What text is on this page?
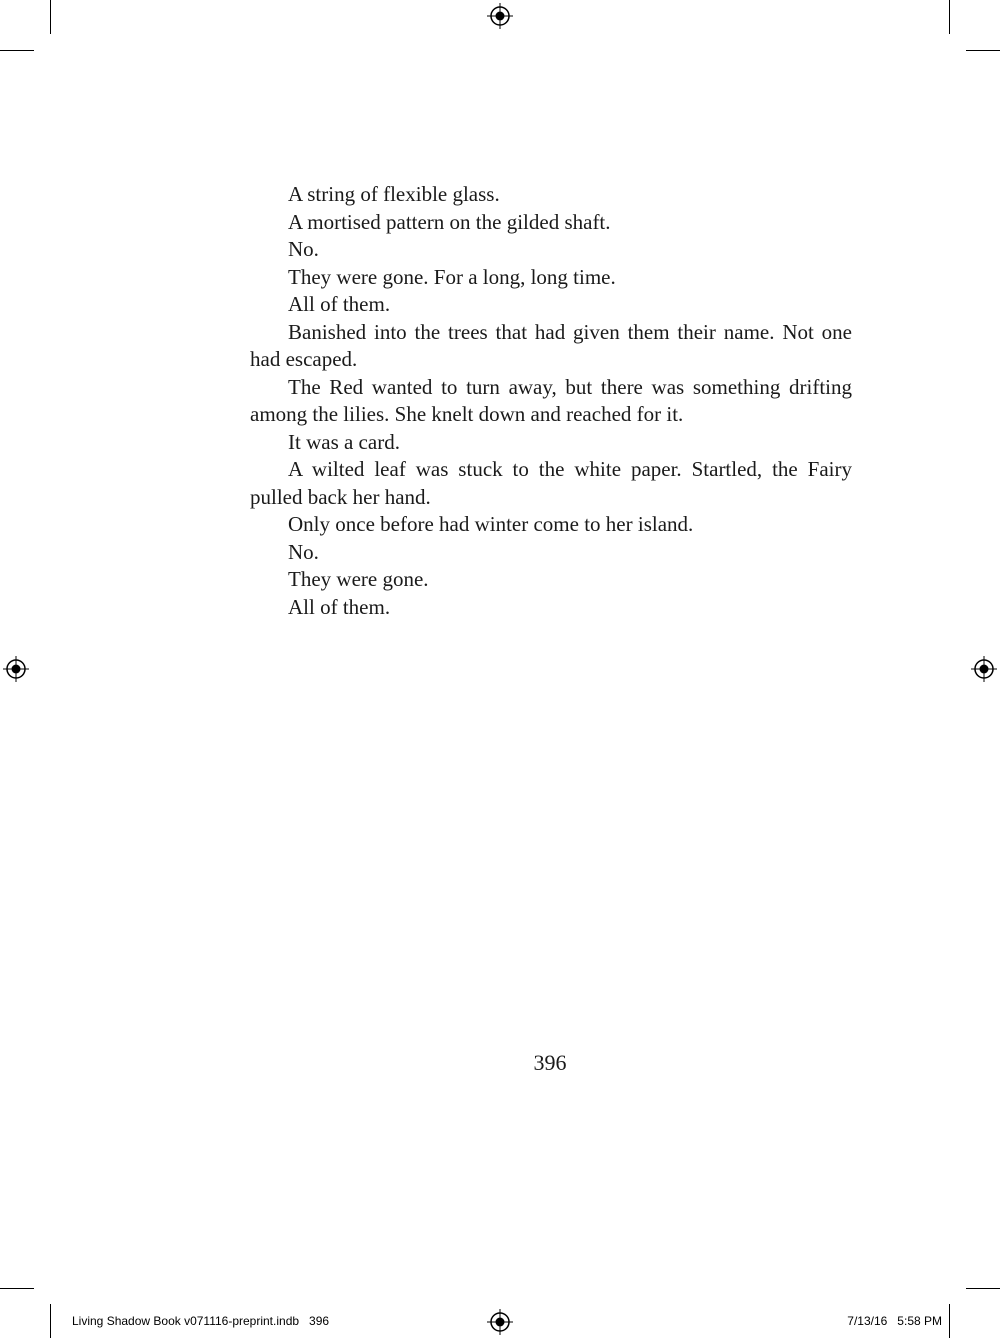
A string of flexible glass.

A mortised pattern on the gilded shaft.

No.

They were gone. For a long, long time.

All of them.

Banished into the trees that had given them their name. Not one had escaped.

The Red wanted to turn away, but there was something drifting among the lilies. She knelt down and reached for it.

It was a card.

A wilted leaf was stuck to the white paper. Startled, the Fairy pulled back her hand.

Only once before had winter come to her island.

No.

They were gone.

All of them.

396
Living Shadow Book v071116-preprint.indb   396	7/13/16   5:58 PM
